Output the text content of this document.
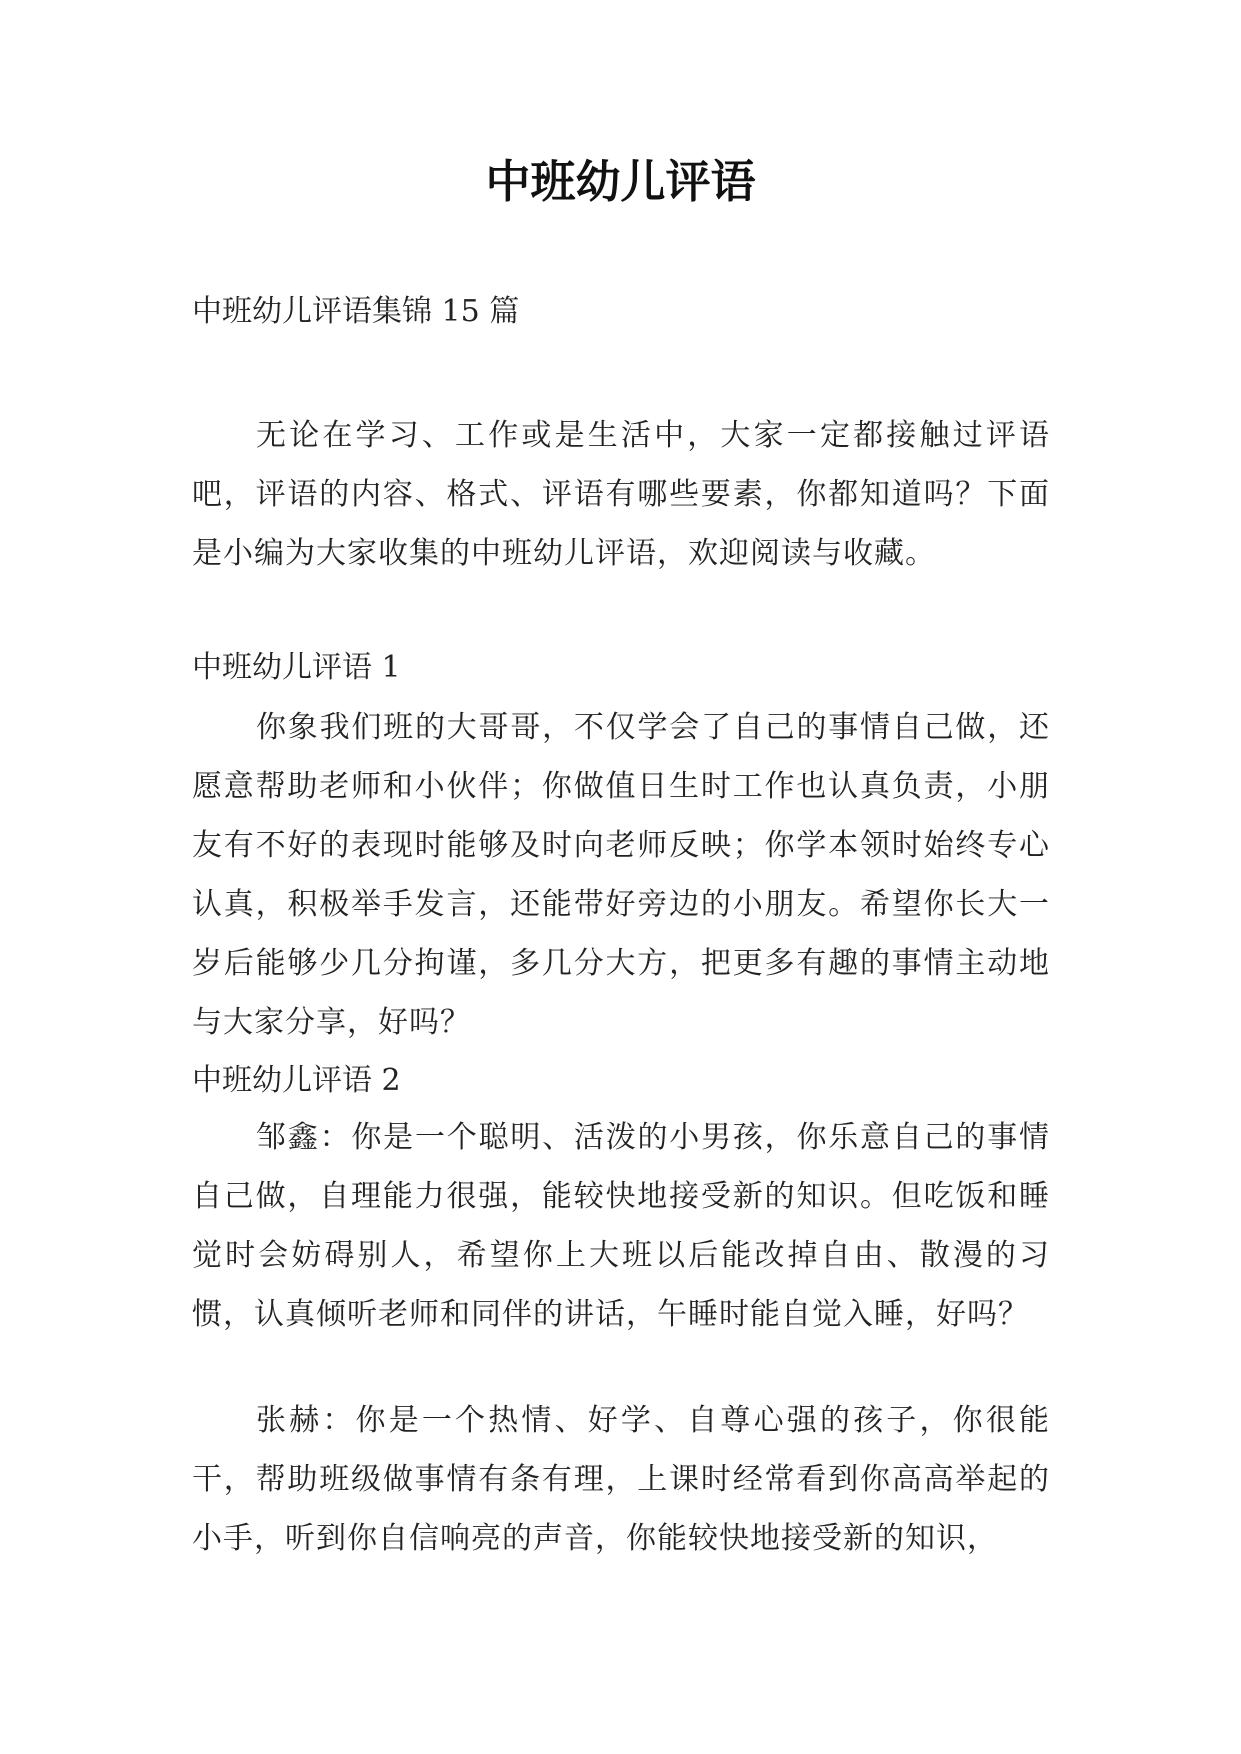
中班幼儿评语

中班幼儿评语集锦 15 篇

无论在学习、工作或是生活中，大家一定都接触过评语吧，评语的内容、格式、评语有哪些要素，你都知道吗？下面是小编为大家收集的中班幼儿评语，欢迎阅读与收藏。

中班幼儿评语 1

你象我们班的大哥哥，不仅学会了自己的事情自己做，还愿意帮助老师和小伙伴；你做值日生时工作也认真负责，小朋友有不好的表现时能够及时向老师反映；你学本领时始终专心认真，积极举手发言，还能带好旁边的小朋友。希望你长大一岁后能够少几分拘谨，多几分大方，把更多有趣的事情主动地与大家分享，好吗？

中班幼儿评语 2

邹鑫：你是一个聪明、活泼的小男孩，你乐意自己的事情自己做，自理能力很强，能较快地接受新的知识。但吃饭和睡觉时会妨碍别人，希望你上大班以后能改掉自由、散漫的习惯，认真倾听老师和同伴的讲话，午睡时能自觉入睡，好吗？

张赫：你是一个热情、好学、自尊心强的孩子，你很能干，帮助班级做事情有条有理，上课时经常看到你高高举起的小手，听到你自信响亮的声音，你能较快地接受新的知识，
